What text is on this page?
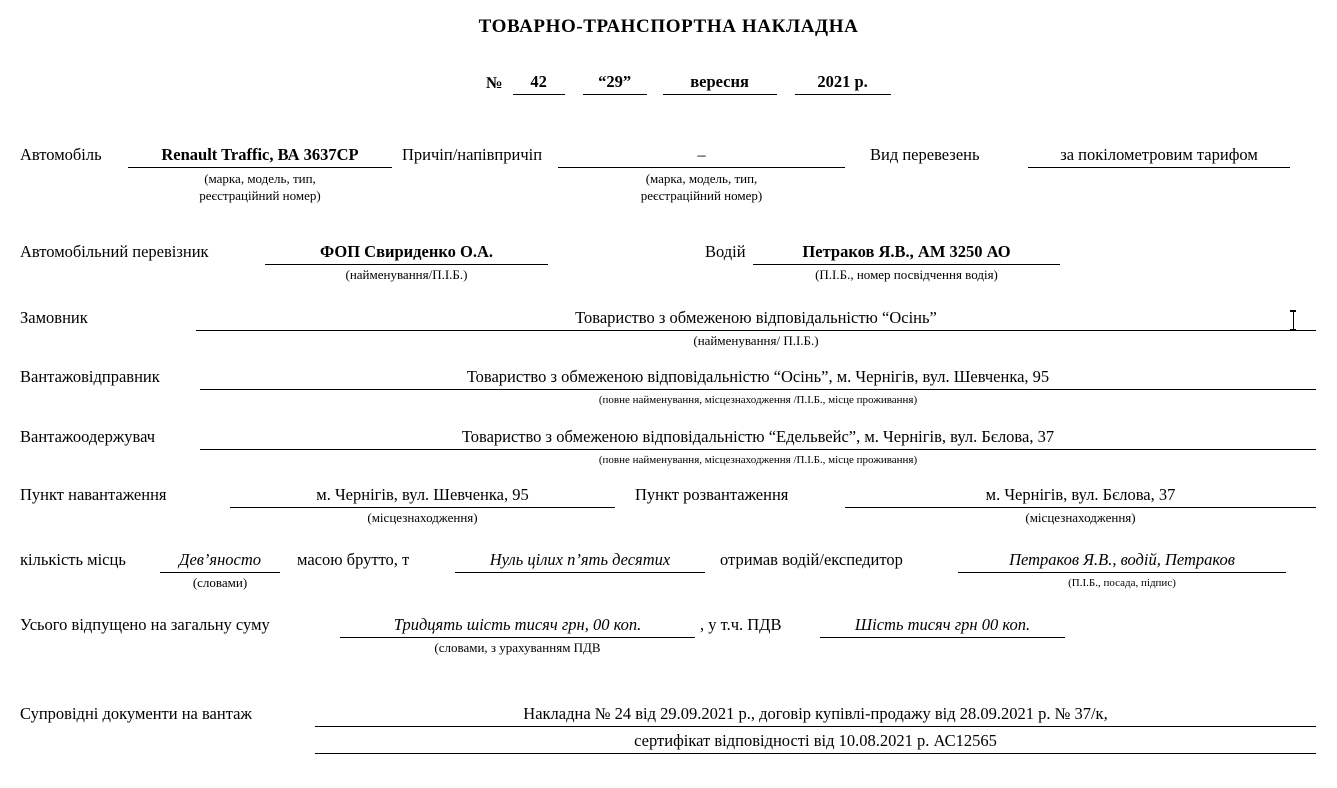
ТОВАРНО-ТРАНСПОРТНА НАКЛАДНА
№	42	“29”	вересня	2021 р.
Автомобіль	Renault Traffic, ВА 3637СР
(марка, модель, тип,
реєстраційний номер)
Причіп/напівпричіп	–
(марка, модель, тип,
реєстраційний номер)
Вид перевезень	за покілометровим тарифом
Автомобільний перевізник	ФОП Свириденко О.А.
(найменування/П.І.Б.)
Водій	Петраков Я.В., АМ 3250 АО
(П.І.Б., номер посвідчення водія)
Замовник	Товариство з обмеженою відповідальністю “Осінь”
(найменування/ П.І.Б.)
Вантажовідправник	Товариство з обмеженою відповідальністю “Осінь”, м. Чернігів, вул. Шевченка, 95
(повне найменування, місцезнаходження /П.І.Б., місце проживання)
Вантажоодержувач	Товариство з обмеженою відповідальністю “Едельвейс”, м. Чернігів, вул. Бєлова, 37
(повне найменування, місцезнаходження /П.І.Б., місце проживання)
Пункт навантаження	м. Чернігів, вул. Шевченка, 95
(місцезнаходження)
Пункт розвантаження	м. Чернігів, вул. Бєлова, 37
(місцезнаходження)
кількість місць	Дев’яносто
(словами)
масою брутто, т	Нуль цілих п’ять десятих	отримав водій/експедитор	Петраков Я.В., водій, Петраков
(П.І.Б., посада, підпис)
Усього відпущено на загальну суму	Тридцять шість тисяч грн, 00 коп.
(словами, з урахуванням ПДВ
, у т.ч. ПДВ	Шість тисяч грн 00 коп.
Супровідні документи на вантаж	Накладна № 24 від 29.09.2021 р., договір купівлі-продажу від 28.09.2021 р. № 37/к,
сертифікат відповідності від 10.08.2021 р. АС12565
